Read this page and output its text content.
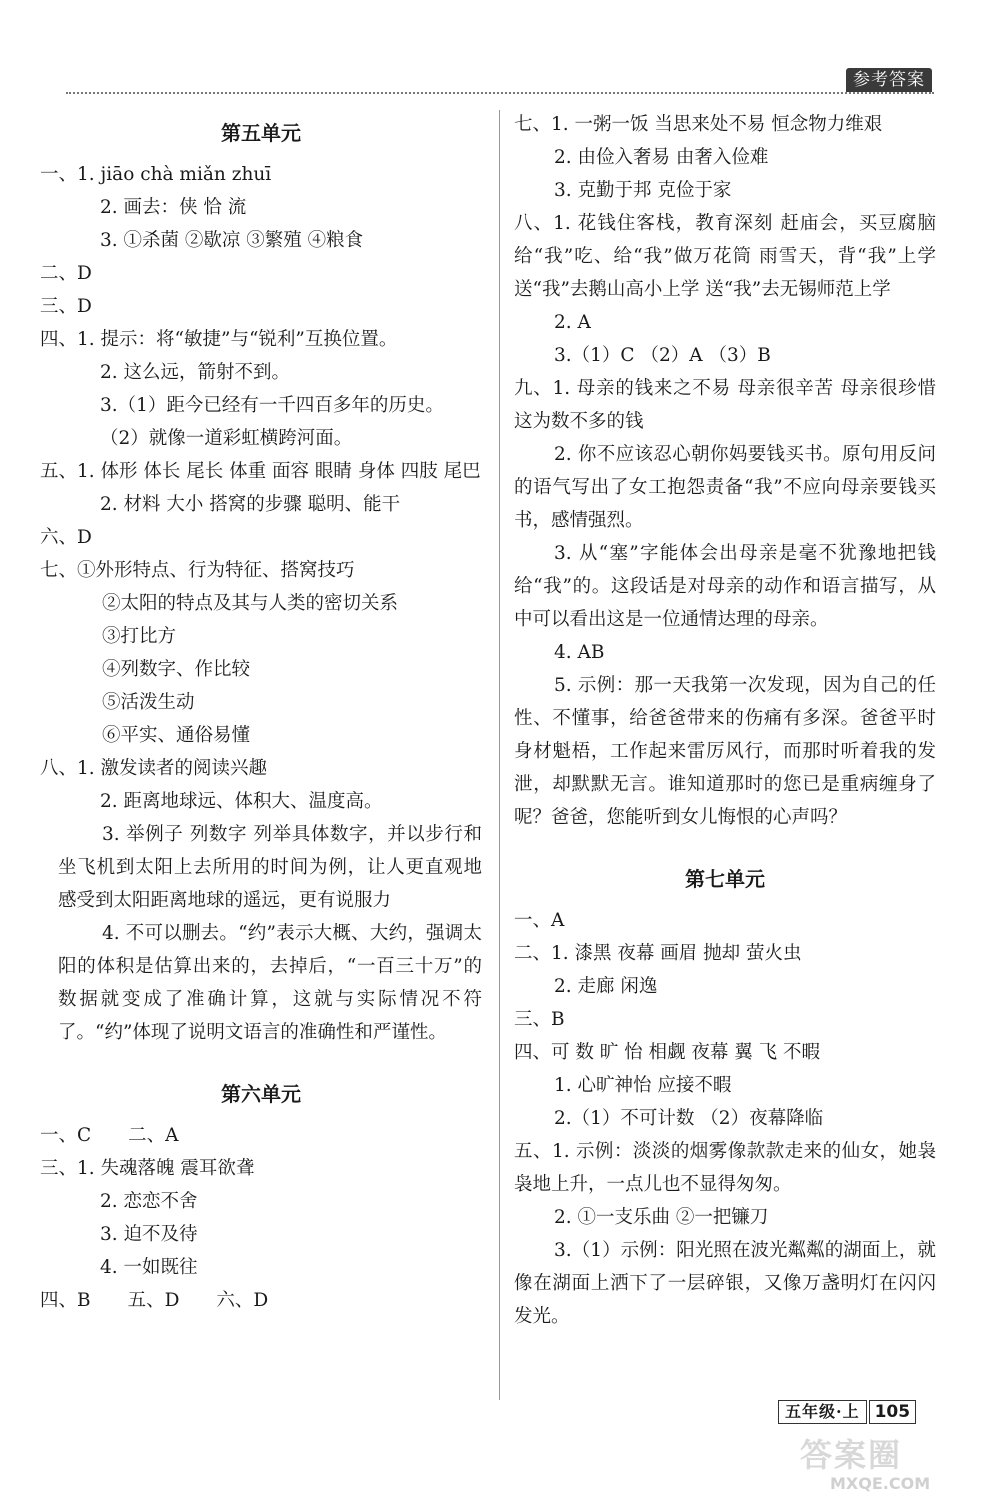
参考答案
第五单元
一、1. jiāo chà miǎn zhuī
2. 画去：侠 恰 流
3. ①杀菌 ②歇凉 ③繁殖 ④粮食
二、D
三、D
四、1. 提示：将“敏捷”与“锐利”互换位置。
2. 这么远，箭射不到。
3.（1）距今已经有一千四百多年的历史。
（2）就像一道彩虹横跨河面。
五、1. 体形 体长 尾长 体重 面容 眼睛 身体 四肢 尾巴
2. 材料 大小 搭窝的步骤 聪明、能干
六、D
七、①外形特点、行为特征、搭窝技巧
②太阳的特点及其与人类的密切关系
③打比方
④列数字、作比较
⑤活泼生动
⑥平实、通俗易懂
八、1. 激发读者的阅读兴趣
2. 距离地球远、体积大、温度高。
3. 举例子 列数字 列举具体数字，并以步行和坐飞机到太阳上去所用的时间为例，让人更直观地感受到太阳距离地球的遥远，更有说服力
4. 不可以删去。“约”表示大概、大约，强调太阳的体积是估算出来的，去掉后，“一百三十万”的数据就变成了准确计算，这就与实际情况不符了。“约”体现了说明文语言的准确性和严谨性。
第六单元
一、C　　二、A
三、1. 失魂落魄 震耳欲聋
2. 恋恋不舍
3. 迫不及待
4. 一如既往
四、B　　五、D　　六、D
七、1. 一粥一饭 当思来处不易 恒念物力维艰
2. 由俭入奢易 由奢入俭难
3. 克勤于邦 克俭于家
八、1. 花钱住客栈，教育深刻 赶庙会，买豆腐脑给“我”吃、给“我”做万花筒 雨雪天，背“我”上学 送“我”去鹅山高小上学 送“我”去无锡师范上学
2. A
3.（1）C （2）A （3）B
九、1. 母亲的钱来之不易 母亲很辛苦 母亲很珍惜这为数不多的钱
2. 你不应该忍心朝你妈要钱买书。原句用反问的语气写出了女工抱怨责备“我”不应向母亲要钱买书，感情强烈。
3. 从“塞”字能体会出母亲是毫不犹豫地把钱给“我”的。这段话是对母亲的动作和语言描写，从中可以看出这是一位通情达理的母亲。
4. AB
5. 示例：那一天我第一次发现，因为自己的任性、不懂事，给爸爸带来的伤痛有多深。爸爸平时身材魁梧，工作起来雷厉风行，而那时听着我的发泄，却默默无言。谁知道那时的您已是重病缠身了呢？爸爸，您能听到女儿悔恨的心声吗？
第七单元
一、A
二、1. 漆黑 夜幕 画眉 抛却 萤火虫
2. 走廊 闲逸
三、B
四、可 数 旷 怡 相觑 夜幕 翼 飞 不暇
1. 心旷神怡 应接不暇
2.（1）不可计数 （2）夜幕降临
五、1. 示例：淡淡的烟雾像款款走来的仙女，她袅袅地上升，一点儿也不显得匆匆。
2. ①一支乐曲 ②一把镰刀
3.（1）示例：阳光照在波光粼粼的湖面上，就像在湖面上洒下了一层碎银，又像万盏明灯在闪闪发光。
五年级·上 105
答案圈
MXQE.COM
